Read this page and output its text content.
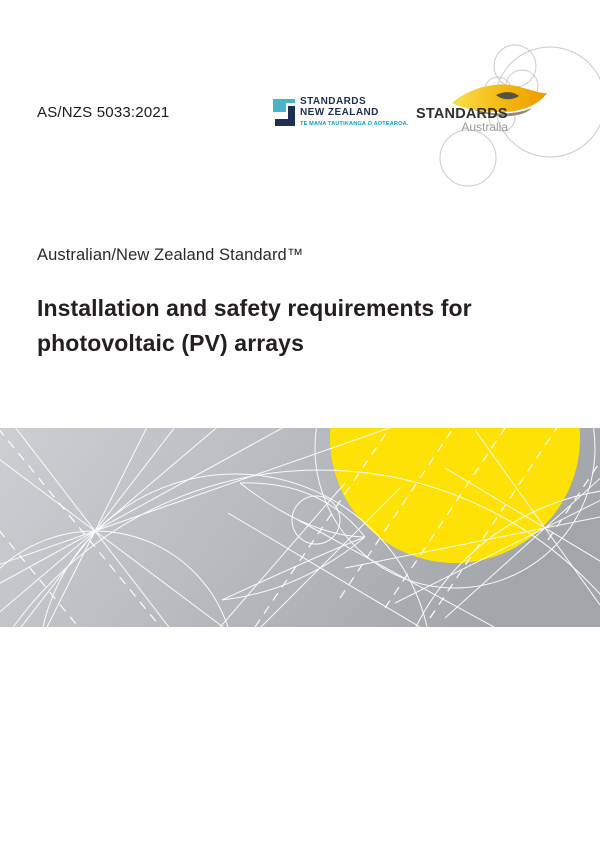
AS/NZS 5033:2021
STANDARDS
NEW ZEALAND
TE MANA TAUTIKANGA O AOTEAROA.
STANDARDS
Australia
Australian/New Zealand Standard™
Installation and safety requirements for
photovoltaic (PV) arrays
